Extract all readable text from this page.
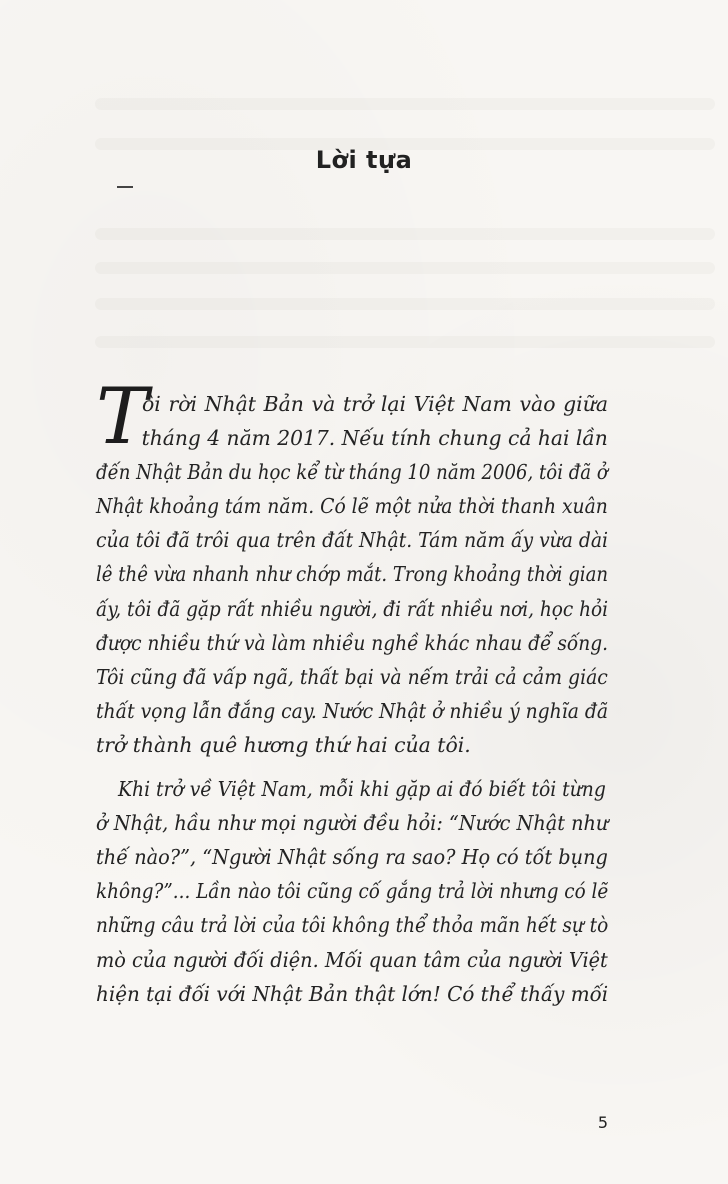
Lời tựa
T
ôi rời Nhật Bản và trở lại Việt Nam vào giữa
tháng 4 năm 2017. Nếu tính chung cả hai lần
đến Nhật Bản du học kể từ tháng 10 năm 2006, tôi đã ở
Nhật khoảng tám năm. Có lẽ một nửa thời thanh xuân
của tôi đã trôi qua trên đất Nhật. Tám năm ấy vừa dài
lê thê vừa nhanh như chớp mắt. Trong khoảng thời gian
ấy, tôi đã gặp rất nhiều người, đi rất nhiều nơi, học hỏi
được nhiều thứ và làm nhiều nghề khác nhau để sống.
Tôi cũng đã vấp ngã, thất bại và nếm trải cả cảm giác
thất vọng lẫn đắng cay. Nước Nhật ở nhiều ý nghĩa đã
trở thành quê hương thứ hai của tôi.
Khi trở về Việt Nam, mỗi khi gặp ai đó biết tôi từng
ở Nhật, hầu như mọi người đều hỏi: “Nước Nhật như
thế nào?”, “Người Nhật sống ra sao? Họ có tốt bụng
không?”... Lần nào tôi cũng cố gắng trả lời nhưng có lẽ
những câu trả lời của tôi không thể thỏa mãn hết sự tò
mò của người đối diện. Mối quan tâm của người Việt
hiện tại đối với Nhật Bản thật lớn! Có thể thấy mối
5
